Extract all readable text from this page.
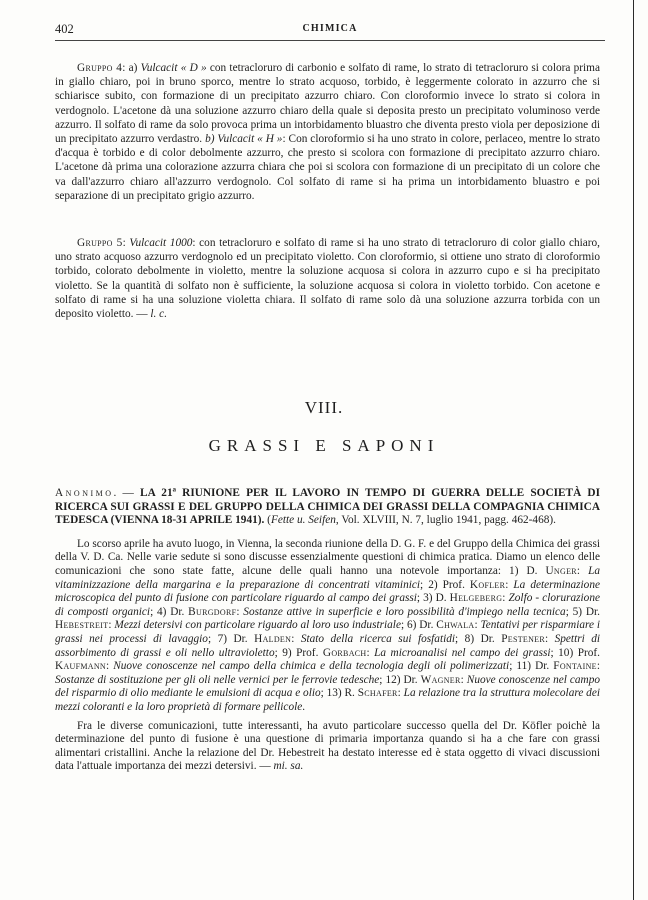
402	CHIMICA

Gruppo 4: a) Vulcacit « D » con tetracloruro di carbonio e solfato di rame, lo strato di tetracloruro si colora prima in giallo chiaro, poi in bruno sporco, mentre lo strato acquoso, torbido, è leggermente colorato in azzurro che si schiarisce subito, con formazione di un precipitato azzurro chiaro. Con cloroformio invece lo strato si colora in verdognolo. L'acetone dà una soluzione azzurro chiaro della quale si deposita presto un precipitato voluminoso verde azzurro. Il solfato di rame da solo provoca prima un intorbidamento bluastro che diventa presto viola per deposizione di un precipitato azzurro verdastro. b) Vulcacit « H »: Con cloroformio si ha uno strato in colore, perlaceo, mentre lo strato d'acqua è torbido e di color debolmente azzurro, che presto si scolora con formazione di precipitato azzurro chiaro. L'acetone dà prima una colorazione azzurra chiara che poi si scolora con formazione di un precipitato di un colore che va dall'azzurro chiaro all'azzurro verdognolo. Col solfato di rame si ha prima un intorbidamento bluastro e poi separazione di un precipitato grigio azzurro.

Gruppo 5: Vulcacit 1000: con tetracloruro e solfato di rame si ha uno strato di tetracloruro di color giallo chiaro, uno strato acquoso azzurro verdognolo ed un precipitato violetto. Con cloroformio, si ottiene uno strato di cloroformio torbido, colorato debolmente in violetto, mentre la soluzione acquosa si colora in azzurro cupo e si ha precipitato violetto. Se la quantità di solfato non è sufficiente, la soluzione acquosa si colora in violetto torbido. Con acetone e solfato di rame si ha una soluzione violetta chiara. Il solfato di rame solo dà una soluzione azzurra torbida con un deposito violetto. — l. c.

VIII.
GRASSI E SAPONI

Anonimo. — LA 21ª RIUNIONE PER IL LAVORO IN TEMPO DI GUERRA DELLE SOCIETÀ DI RICERCA SUI GRASSI E DEL GRUPPO DELLA CHIMICA DEI GRASSI DELLA COMPAGNIA CHIMICA TEDESCA (VIENNA 18-31 APRILE 1941). (Fette u. Seifen, Vol. XLVIII, N. 7, luglio 1941, pagg. 462-468).

Lo scorso aprile ha avuto luogo, in Vienna, la seconda riunione della D. G. F. e del Gruppo della Chimica dei grassi della V. D. Ca. Nelle varie sedute si sono discusse essenzialmente questioni di chimica pratica. Diamo un elenco delle comunicazioni che sono state fatte, alcune delle quali hanno una notevole importanza: 1) D. Unger: La vitaminizzazione della margarina e la preparazione di concentrati vitaminici; 2) Prof. Kofler: La determinazione microscopica del punto di fusione con particolare riguardo al campo dei grassi; 3) D. Helgeberg: Zolfo - clorurazione di composti organici; 4) Dr. Burgdorf: Sostanze attive in superficie e loro possibilità d'impiego nella tecnica; 5) Dr. Hebestreit: Mezzi detersivi con particolare riguardo al loro uso industriale; 6) Dr. Chwala: Tentativi per risparmiare i grassi nei processi di lavaggio; 7) Dr. Halden: Stato della ricerca sui fosfatidi; 8) Dr. Pestener: Spettri di assorbimento di grassi e oli nello ultravioletto; 9) Prof. Gorbach: La microanalisi nel campo dei grassi; 10) Prof. Kaufmann: Nuove conoscenze nel campo della chimica e della tecnologia degli oli polimerizzati; 11) Dr. Fontaine: Sostanze di sostituzione per gli oli nelle vernici per le ferrovie tedesche; 12) Dr. Wagner: Nuove conoscenze nel campo del risparmio di olio mediante le emulsioni di acqua e olio; 13) R. Schafer: La relazione tra la struttura molecolare dei mezzi coloranti e la loro proprietà di formare pellicole.

Fra le diverse comunicazioni, tutte interessanti, ha avuto particolare successo quella del Dr. Köfler poichè la determinazione del punto di fusione è una questione di primaria importanza quando si ha a che fare con grassi alimentari cristallini. Anche la relazione del Dr. Hebestreit ha destato interesse ed è stata oggetto di vivaci discussioni data l'attuale importanza dei mezzi detersivi. — mi. sa.
